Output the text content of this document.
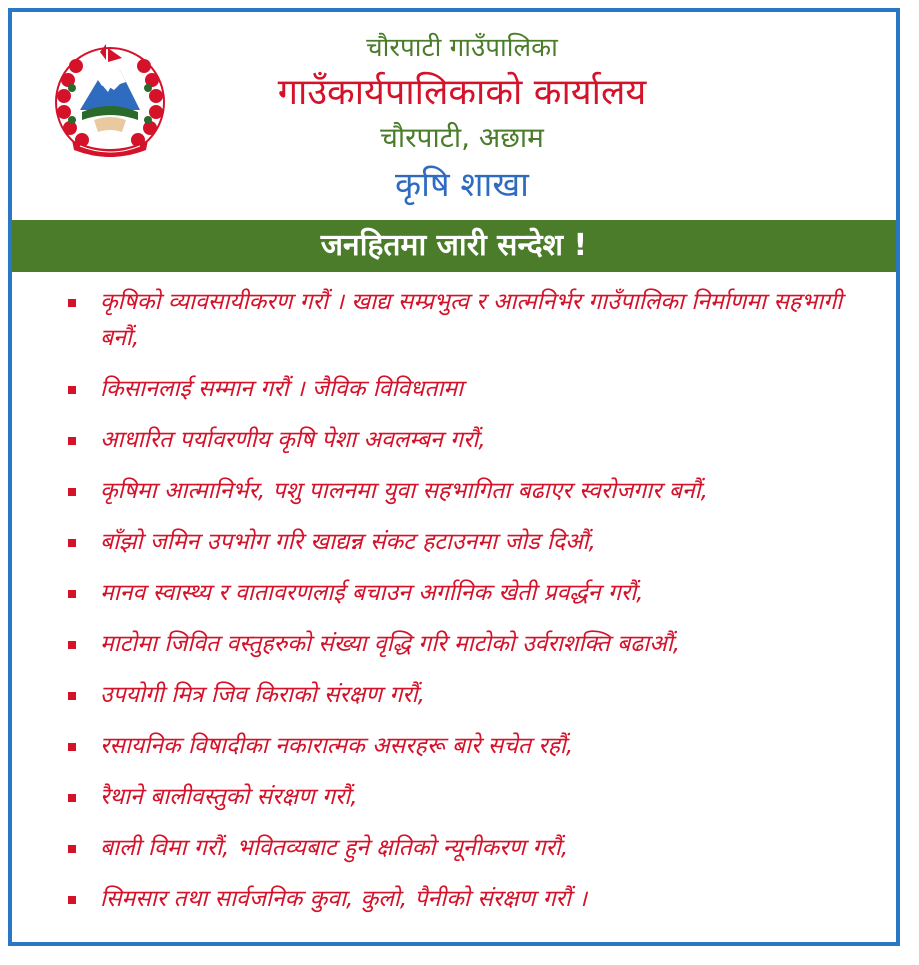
चौरपाटी गाउँपालिका
गाउँकार्यपालिकाको कार्यालय
चौरपाटी, अछाम
कृषि शाखा
जनहितमा जारी सन्देश !
कृषिको व्यावसायीकरण गरौं । खाद्य सम्प्रभुत्व र आत्मनिर्भर गाउँपालिका निर्माणमा सहभागी बनौं,
किसानलाई सम्मान गरौं । जैविक विविधतामा
आधारित पर्यावरणीय कृषि पेशा अवलम्बन गरौं,
कृषिमा आत्मानिर्भर, पशु पालनमा युवा सहभागिता बढाएर स्वरोजगार बनौं,
बाँझो जमिन उपभोग गरि खाद्यन्न संकट हटाउनमा जोड दिऔं,
मानव स्वास्थ्य र वातावरणलाई बचाउन अर्गानिक खेती प्रवर्द्धन गरौं,
माटोमा जिवित वस्तुहरुको संख्या वृद्धि गरि माटोको उर्वराशक्ति बढाऔं,
उपयोगी मित्र जिव किराको संरक्षण गरौं,
रसायनिक विषादीका नकारात्मक असरहरू बारे सचेत रहौं,
रैथाने बालीवस्तुको संरक्षण गरौं,
बाली विमा गरौं, भवितव्यबाट हुने क्षतिको न्यूनीकरण गरौं,
सिमसार तथा सार्वजनिक कुवा, कुलो, पैनीको संरक्षण गरौं ।
